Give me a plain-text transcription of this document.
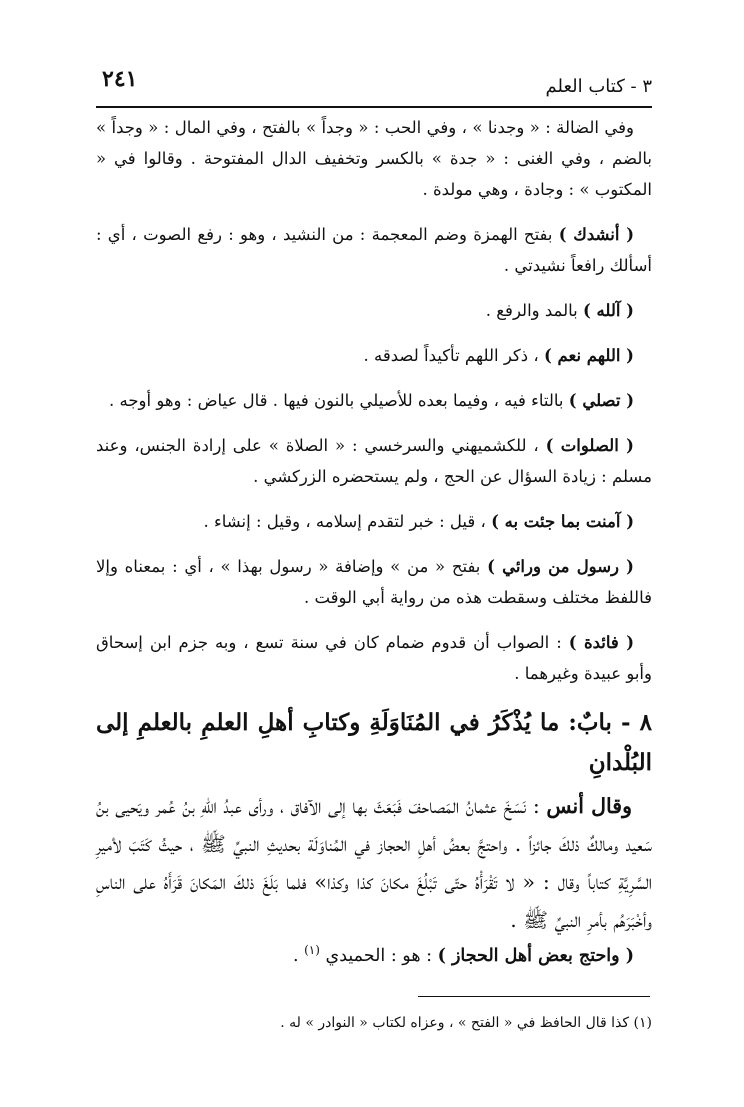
٣ - كتاب العلم
٢٤١

وفي الضالة : « وجدنا » ، وفي الحب : « وجداً » بالفتح ، وفي المال : « وجداً » بالضم ، وفي الغنى : « جدة » بالكسر وتخفيف الدال المفتوحة . وقالوا في « المكتوب » : وجادة ، وهي مولدة .

( أنشدك ) بفتح الهمزة وضم المعجمة : من النشيد ، وهو : رفع الصوت ، أي : أسألك رافعاً نشيدتي .

( آلله ) بالمد والرفع .

( اللهم نعم ) ، ذكر اللهم تأكيداً لصدقه .

( تصلي ) بالتاء فيه ، وفيما بعده للأصيلي بالنون فيها . قال عياض : وهو أوجه .

( الصلوات ) ، للكشميهني والسرخسي : « الصلاة » على إرادة الجنس، وعند مسلم : زيادة السؤال عن الحج ، ولم يستحضره الزركشي .

( آمنت بما جئت به ) ، قيل : خبر لتقدم إسلامه ، وقيل : إنشاء .

( رسول من ورائي ) بفتح « من » وإضافة « رسول بهذا » ، أي : بمعناه وإلا فاللفظ مختلف وسقطت هذه من رواية أبي الوقت .

( فائدة ) : الصواب أن قدوم ضمام كان في سنة تسع ، وبه جزم ابن إسحاق وأبو عبيدة وغيرهما .

٨ - بابٌ: ما يُذْكَرُ في المُنَاوَلَةِ وكتابِ أهلِ العلمِ بالعلمِ إلى البُلْدانِ

وقال أنس : نَسَخَ عثمانُ المَصاحفَ فَبَعَثَ بها إلى الآفاق ، ورأى عبدُ اللهِ بنُ عُمر ويَحيى بنُ سَعيد ومالكٌ ذلكَ جائزاً . واحتجَّ بعضُ أهلِ الحجاز في المُناوَلَة بحديثِ النبيِّ ﷺ ، حيثُ كَتَبَ لأميرِ السَّرِيَّةِ كتاباً وقال : « لا تَقْرَأْهُ حتّى تَبْلُغَ مكانَ كذا وكذا» فلما بَلَغَ ذلكَ المَكانَ قَرَأَهُ على الناسِ وأخْبَرَهُم بأمرِ النبيِّ ﷺ .

( واحتج بعض أهل الحجاز ) : هو : الحميدي $^{(١)}$ .

(١) كذا قال الحافظ في « الفتح » ، وعزاه لكتاب « النوادر » له .
